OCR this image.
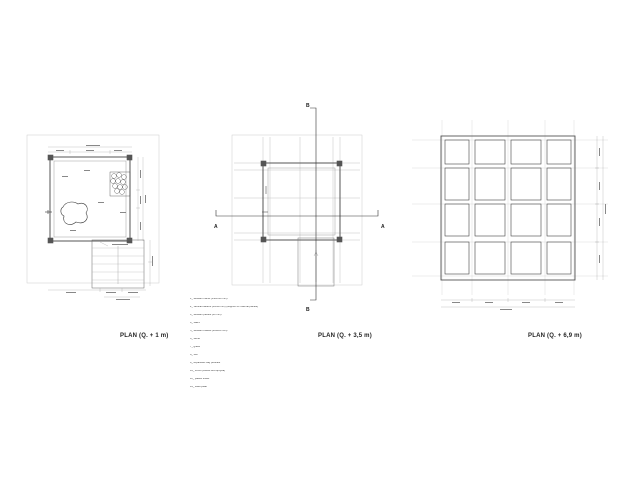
A	A
B
B
1_ wooden frame (150x150 mm)
2_ vertical battens (40x60 mm) (support for internal panels)
3_ wooden panels (20 mm)
4_ stairs
5_ wooden boards (40x200 mm)
6_ stone
7_ grass
8_ soil
9_ expanded clay pebbles
10_ shrub (Buxus Microphylla)
11_ plastic sheet
12_ steel plate
PLAN (Q. + 1 m)	PLAN (Q. + 3,5 m)	PLAN (Q. + 6,9 m)
